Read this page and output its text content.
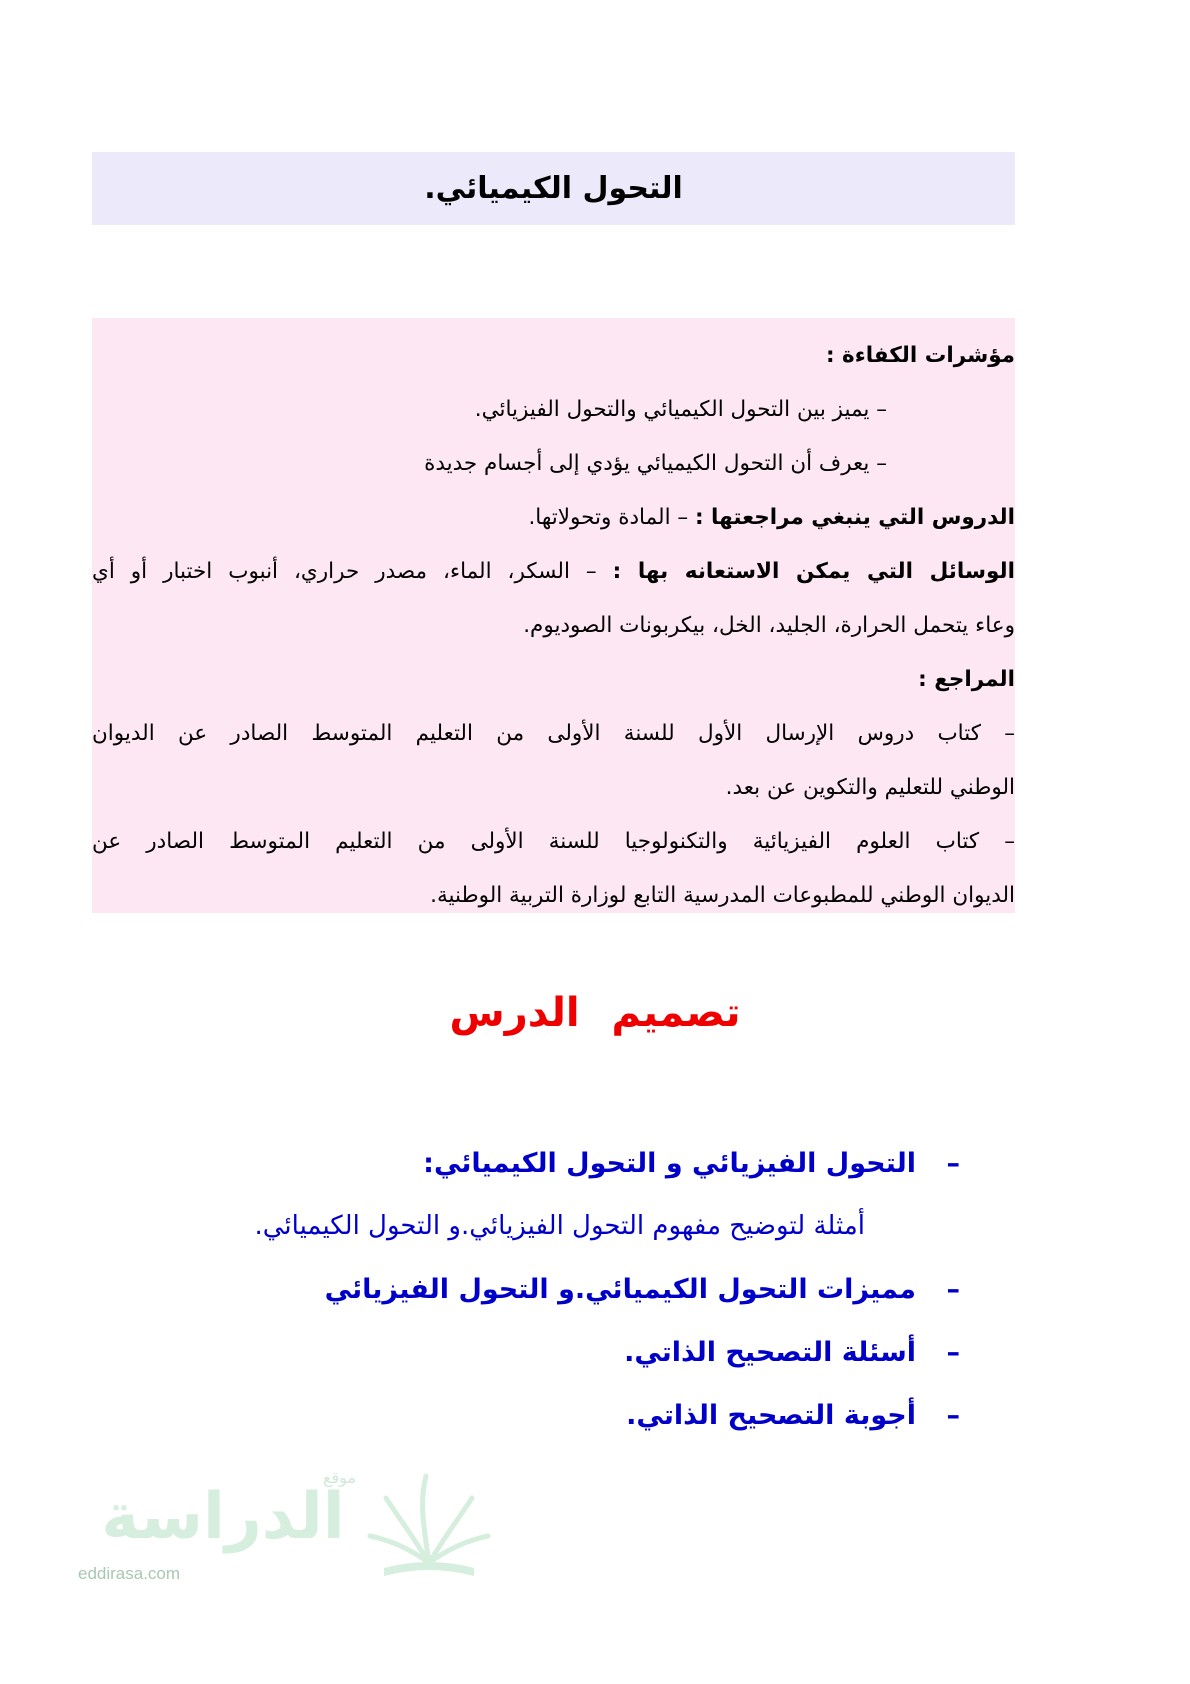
التحول الكيميائي.
مؤشرات الكفاءة :
– يميز بين التحول الكيميائي والتحول الفيزيائي.
– يعرف أن التحول الكيميائي يؤدي إلى أجسام جديدة
الدروس التي ينبغي مراجعتها : – المادة وتحولاتها.
الوسائل التي يمكن الاستعانه بها : – السكر، الماء، مصدر حراري، أنبوب اختبار أو أي
وعاء يتحمل الحرارة، الجليد، الخل، بيكربونات الصوديوم.
المراجع :
– كتاب دروس الإرسال الأول للسنة الأولى من التعليم المتوسط الصادر عن الديوان
الوطني للتعليم والتكوين عن بعد.
– كتاب العلوم الفيزيائية والتكنولوجيا للسنة الأولى من التعليم المتوسط الصادر عن
الديوان الوطني للمطبوعات المدرسية التابع لوزارة التربية الوطنية.
تصميم الدرس
–التحول الفيزيائي و التحول الكيميائي:
أمثلة لتوضيح مفهوم التحول الفيزيائي.و التحول الكيميائي.
–مميزات التحول الكيميائي.و التحول الفيزيائي
–أسئلة التصحيح الذاتي.
–أجوبة التصحيح الذاتي.
الدراسة
موقع
eddirasa.com
